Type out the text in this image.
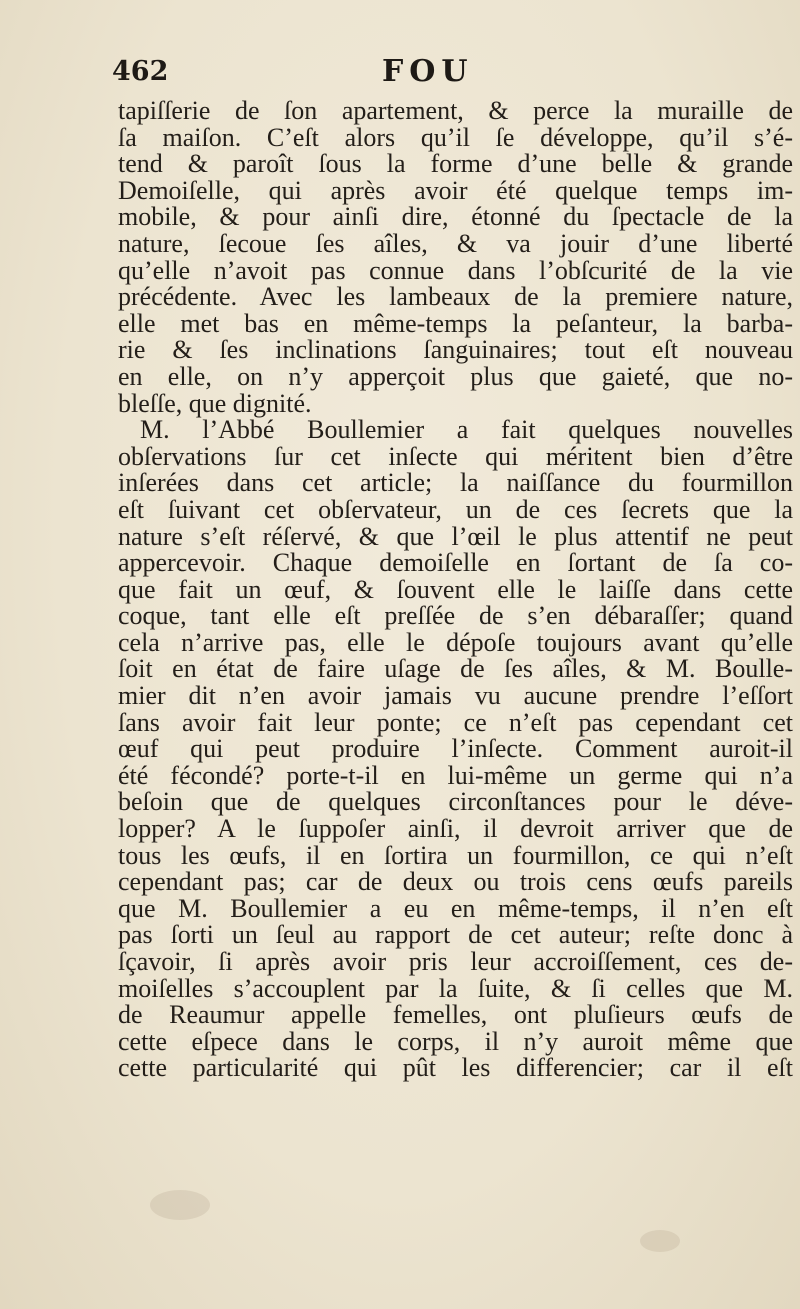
462	FOU
tapiſſerie de ſon apartement, & perce la muraille de
ſa maiſon. C’eſt alors qu’il ſe développe, qu’il s’é-
tend & paroît ſous la forme d’une belle & grande
Demoiſelle, qui après avoir été quelque temps im-
mobile, & pour ainſi dire, étonné du ſpectacle de la
nature, ſecoue ſes aîles, & va jouir d’une liberté
qu’elle n’avoit pas connue dans l’obſcurité de la vie
précédente. Avec les lambeaux de la premiere nature,
elle met bas en même-temps la peſanteur, la barba-
rie & ſes inclinations ſanguinaires; tout eſt nouveau
en elle, on n’y apperçoit plus que gaieté, que no-
bleſſe, que dignité.
M. l’Abbé Boullemier a fait quelques nouvelles
obſervations ſur cet inſecte qui méritent bien d’être
inſerées dans cet article; la naiſſance du fourmillon
eſt ſuivant cet obſervateur, un de ces ſecrets que la
nature s’eſt réſervé, & que l’œil le plus attentif ne peut
appercevoir. Chaque demoiſelle en ſortant de ſa co-
que fait un œuf, & ſouvent elle le laiſſe dans cette
coque, tant elle eſt preſſée de s’en débaraſſer; quand
cela n’arrive pas, elle le dépoſe toujours avant qu’elle
ſoit en état de faire uſage de ſes aîles, & M. Boulle-
mier dit n’en avoir jamais vu aucune prendre l’eſſort
ſans avoir fait leur ponte; ce n’eſt pas cependant cet
œuf qui peut produire l’inſecte. Comment auroit-il
été fécondé? porte-t-il en lui-même un germe qui n’a
beſoin que de quelques circonſtances pour le déve-
lopper? A le ſuppoſer ainſi, il devroit arriver que de
tous les œufs, il en ſortira un fourmillon, ce qui n’eſt
cependant pas; car de deux ou trois cens œufs pareils
que M. Boullemier a eu en même-temps, il n’en eſt
pas ſorti un ſeul au rapport de cet auteur; reſte donc à
ſçavoir, ſi après avoir pris leur accroiſſement, ces de-
moiſelles s’accouplent par la ſuite, & ſi celles que M.
de Reaumur appelle femelles, ont pluſieurs œufs de
cette eſpece dans le corps, il n’y auroit même que
cette particularité qui pût les differencier; car il eſt
